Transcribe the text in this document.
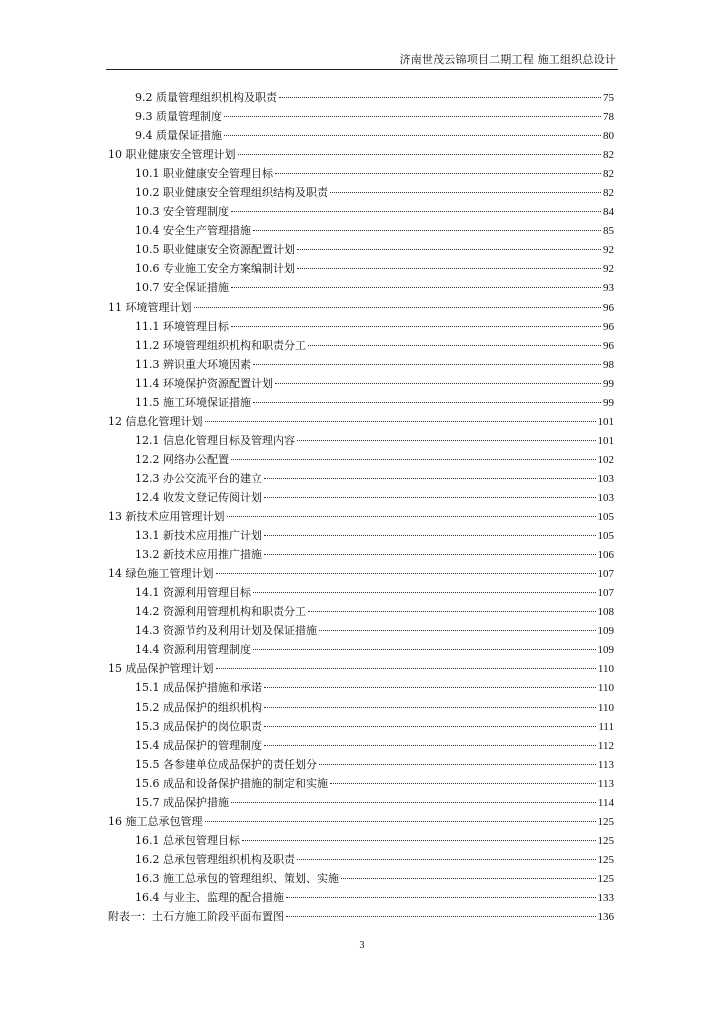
济南世茂云锦项目二期工程 施工组织总设计
9.2 质量管理组织机构及职责	75
9.3 质量管理制度	78
9.4 质量保证措施	80
10 职业健康安全管理计划	82
10.1 职业健康安全管理目标	82
10.2 职业健康安全管理组织结构及职责	82
10.3 安全管理制度	84
10.4 安全生产管理措施	85
10.5 职业健康安全资源配置计划	92
10.6 专业施工安全方案编制计划	92
10.7 安全保证措施	93
11 环境管理计划	96
11.1 环境管理目标	96
11.2 环境管理组织机构和职责分工	96
11.3 辨识重大环境因素	98
11.4 环境保护资源配置计划	99
11.5 施工环境保证措施	99
12 信息化管理计划	101
12.1 信息化管理目标及管理内容	101
12.2 网络办公配置	102
12.3 办公交流平台的建立	103
12.4 收发文登记传阅计划	103
13 新技术应用管理计划	105
13.1 新技术应用推广计划	105
13.2 新技术应用推广措施	106
14 绿色施工管理计划	107
14.1 资源利用管理目标	107
14.2 资源利用管理机构和职责分工	108
14.3 资源节约及利用计划及保证措施	109
14.4 资源利用管理制度	109
15 成品保护管理计划	110
15.1 成品保护措施和承诺	110
15.2 成品保护的组织机构	110
15.3 成品保护的岗位职责	111
15.4 成品保护的管理制度	112
15.5 各参建单位成品保护的责任划分	113
15.6 成品和设备保护措施的制定和实施	113
15.7 成品保护措施	114
16 施工总承包管理	125
16.1 总承包管理目标	125
16.2 总承包管理组织机构及职责	125
16.3 施工总承包的管理组织、策划、实施	125
16.4 与业主、监理的配合措施	133
附表一：土石方施工阶段平面布置图	136
3
